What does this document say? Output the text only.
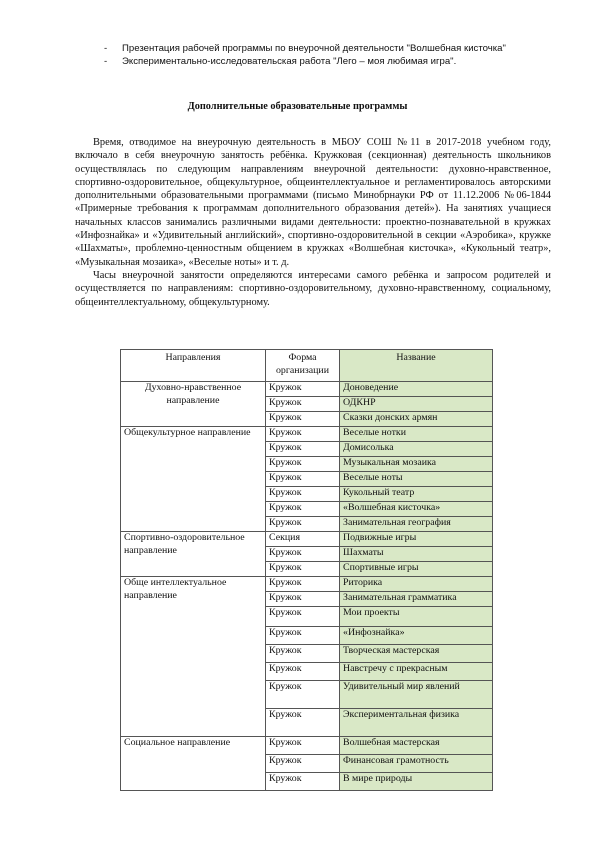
- Презентация рабочей программы по внеурочной деятельности "Волшебная кисточка"
- Экспериментально-исследовательская работа "Лего – моя любимая игра".
Дополнительные образовательные программы

Время, отводимое на внеурочную деятельность в МБОУ СОШ №11 в 2017-2018 учебном году, включало в себя внеурочную занятость ребёнка. Кружковая (секционная) деятельность школьников осуществлялась по следующим направлениям внеурочной деятельности: духовно-нравственное, спортивно-оздоровительное, общекультурное, общеинтеллектуальное и регламентировалось авторскими дополнительными образовательными программами (письмо Минобрнауки РФ от 11.12.2006 №06-1844 «Примерные требования к программам дополнительного образования детей»). На занятиях учащиеся начальных классов занимались различными видами деятельности: проектно-познавательной в кружках «Инфознайка» и «Удивительный английский», спортивно-оздоровительной в секции «Аэробика», кружке «Шахматы», проблемно-ценностным общением в кружках «Волшебная кисточка», «Кукольный театр», «Музыкальная мозаика», «Веселые ноты» и т. д.

Часы внеурочной занятости определяются интересами самого ребёнка и запросом родителей и осуществляется по направлениям: спортивно-оздоровительному, духовно-нравственному, социальному, общеинтеллектуальному, общекультурному.

Направления	Форма организации	Название
Духовно-нравственное направление	Кружок	Доноведение
	Кружок	ОДКНР
	Кружок	Сказки донских армян
Общекультурное направление	Кружок	Веселые нотки
	Кружок	Домисолька
	Кружок	Музыкальная мозаика
	Кружок	Веселые ноты
	Кружок	Кукольный театр
	Кружок	«Волшебная кисточка»
	Кружок	Занимательная география
Спортивно-оздоровительное направление	Секция	Подвижные игры
	Кружок	Шахматы
	Кружок	Спортивные игры
Обще интеллектуальное направление	Кружок	Риторика
	Кружок	Занимательная грамматика
	Кружок	Мои проекты
	Кружок	«Инфознайка»
	Кружок	Творческая мастерская
	Кружок	Навстречу с прекрасным
	Кружок	Удивительный мир явлений
	Кружок	Экспериментальная физика
Социальное направление	Кружок	Волшебная мастерская
	Кружок	Финансовая грамотность
	Кружок	В мире природы
